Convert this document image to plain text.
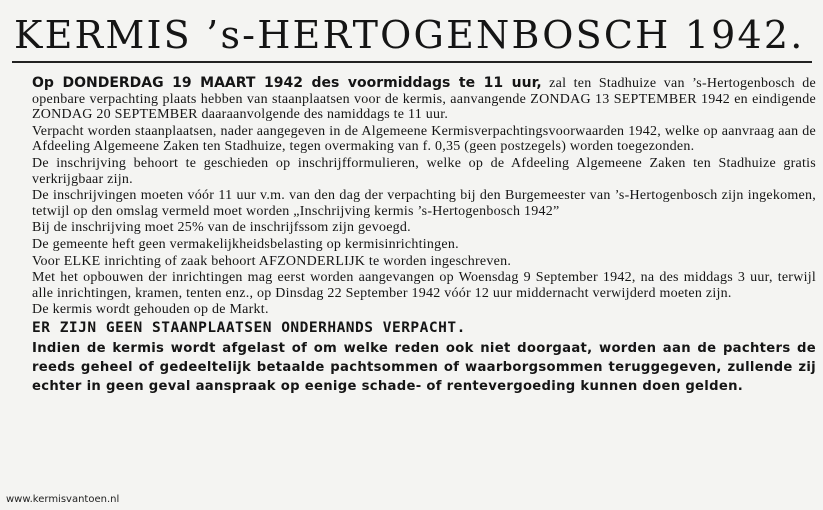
KERMIS ’s-HERTOGENBOSCH 1942.

Op DONDERDAG 19 MAART 1942 des voormiddags te 11 uur, zal ten Stadhuize van ’s-Hertogenbosch de openbare verpachting plaats hebben van staanplaatsen voor de kermis, aanvangende ZONDAG 13 SEPTEMBER 1942 en eindigende ZONDAG 20 SEPTEMBER daaraanvolgende des namiddags te 11 uur.

Verpacht worden staanplaatsen, nader aangegeven in de Algemeene Kermisverpachtingsvoorwaarden 1942, welke op aanvraag aan de Afdeeling Algemeene Zaken ten Stadhuize, tegen overmaking van f. 0,35 (geen postzegels) worden toegezonden.

De inschrijving behoort te geschieden op inschrijfformulieren, welke op de Afdeeling Algemeene Zaken ten Stadhuize gratis verkrijgbaar zijn.

De inschrijvingen moeten vóór 11 uur v.m. van den dag der verpachting bij den Burgemeester van ’s-Hertogenbosch zijn ingekomen, tetwijl op den omslag vermeld moet worden „Inschrijving kermis ’s-Hertogenbosch 1942”

Bij de inschrijving moet 25% van de inschrijfssom zijn gevoegd.

De gemeente heft geen vermakelijkheidsbelasting op kermisinrichtingen.

Voor ELKE inrichting of zaak behoort AFZONDERLIJK te worden ingeschreven.

Met het opbouwen der inrichtingen mag eerst worden aangevangen op Woensdag 9 September 1942, na des middags 3 uur, terwijl alle inrichtingen, kramen, tenten enz., op Dinsdag 22 September 1942 vóór 12 uur middernacht verwijderd moeten zijn.

De kermis wordt gehouden op de Markt.

ER ZIJN GEEN STAANPLAATSEN ONDERHANDS VERPACHT.
Indien de kermis wordt afgelast of om welke reden ook niet doorgaat, worden aan de pachters de reeds geheel of gedeeltelijk betaalde pachtsommen of waarborgsommen teruggegeven, zullende zij echter in geen geval aanspraak op eenige schade- of rentevergoeding kunnen doen gelden.
www.kermisvantoen.nl
